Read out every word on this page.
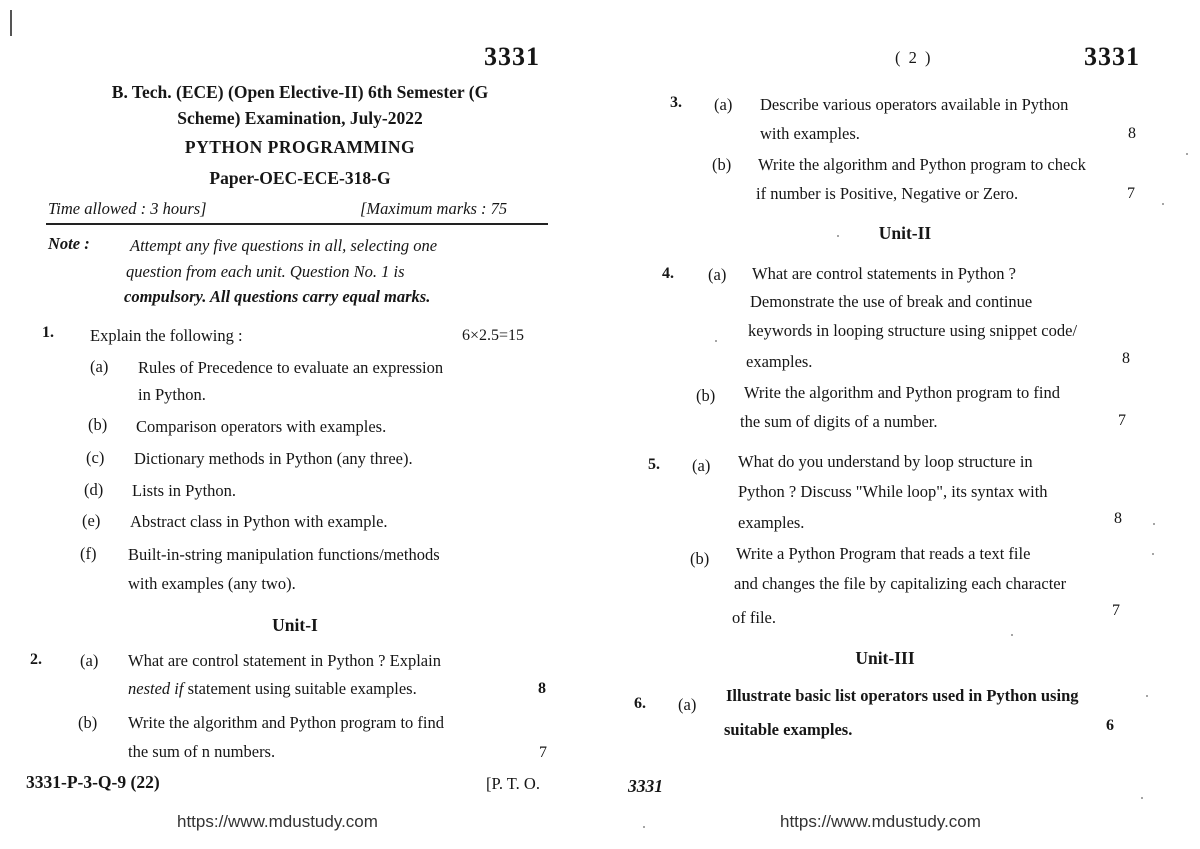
3331
B. Tech. (ECE) (Open Elective-II) 6th Semester (G
Scheme) Examination, July-2022
PYTHON PROGRAMMING
Paper-OEC-ECE-318-G
Time allowed : 3 hours]	[Maximum marks : 75
Note : Attempt any five questions in all, selecting one
question from each unit. Question No. 1 is
compulsory. All questions carry equal marks.
1. Explain the following :	6×2.5=15
(a) Rules of Precedence to evaluate an expression
in Python.
(b) Comparison operators with examples.
(c) Dictionary methods in Python (any three).
(d) Lists in Python.
(e) Abstract class in Python with example.
(f) Built-in-string manipulation functions/methods
with examples (any two).
Unit-I
2. (a) What are control statement in Python ? Explain
nested if statement using suitable examples.	8
(b) Write the algorithm and Python program to find
the sum of n numbers.	7
3331-P-3-Q-9 (22)	[P. T. O.
https://www.mdustudy.com
( 2 )	3331
3. (a) Describe various operators available in Python
with examples.	8
(b) Write the algorithm and Python program to check
if number is Positive, Negative or Zero.	7
Unit-II
4. (a) What are control statements in Python ?
Demonstrate the use of break and continue
keywords in looping structure using snippet code/
examples.	8
(b) Write the algorithm and Python program to find
the sum of digits of a number.	7
5. (a) What do you understand by loop structure in
Python ? Discuss "While loop", its syntax with
examples.	8
(b) Write a Python Program that reads a text file
and changes the file by capitalizing each character
of file.	7
Unit-III
6. (a) Illustrate basic list operators used in Python using
suitable examples.	6
3331
https://www.mdustudy.com
